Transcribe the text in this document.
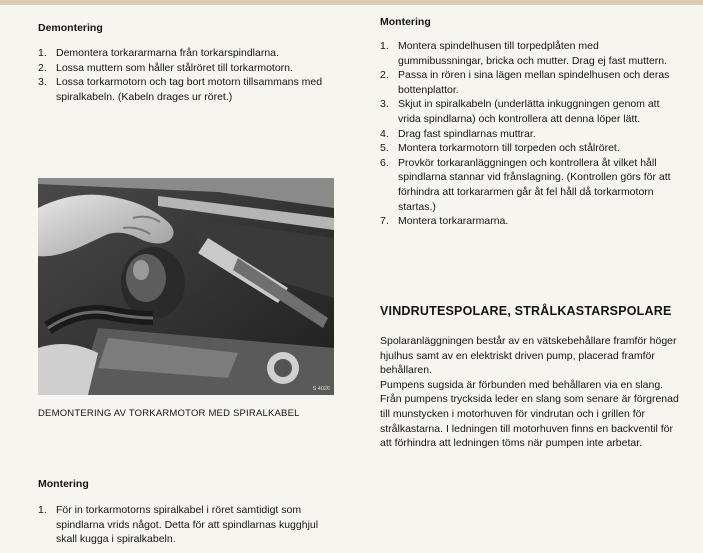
Demontering
1. Demontera torkararmarna från torkarspindlarna.
2. Lossa muttern som håller stålröret till torkarmotorn.
3. Lossa torkarmotorn och tag bort motorn tillsammans med spiralkabeln. (Kabeln drages ur röret.)
S 4026
DEMONTERING AV TORKARMOTOR MED SPIRALKABEL
Montering
1. För in torkarmotorns spiralkabel i röret samtidigt som spindlarna vrids något. Detta för att spindlarnas kugghjul skall kugga i spiralkabeln.
Montering
1. Montera spindelhusen till torpedplåten med gummibussningar, bricka och mutter. Drag ej fast muttern.
2. Passa in rören i sina lägen mellan spindelhusen och deras bottenplattor.
3. Skjut in spiralkabeln (underlätta inkuggningen genom att vrida spindlarna) och kontrollera att denna löper lätt.
4. Drag fast spindlarnas muttrar.
5. Montera torkarmotorn till torpeden och stålröret.
6. Provkör torkaranläggningen och kontrollera åt vilket håll spindlarna stannar vid frånslagning. (Kontrollen görs för att förhindra att torkararmen går åt fel håll då torkarmotorn startas.)
7. Montera torkararmarna.
VINDRUTESPOLARE, STRÅLKASTARSPOLARE

Spolaranläggningen består av en vätskebehållare framför höger hjulhus samt av en elektriskt driven pump, placerad framför behållaren.

Pumpens sugsida är förbunden med behållaren via en slang. Från pumpens trycksida leder en slang som senare är förgrenad till munstycken i motorhuven för vindrutan och i grillen för strålkastarna. I ledningen till motorhuven finns en backventil för att förhindra att ledningen töms när pumpen inte arbetar.
